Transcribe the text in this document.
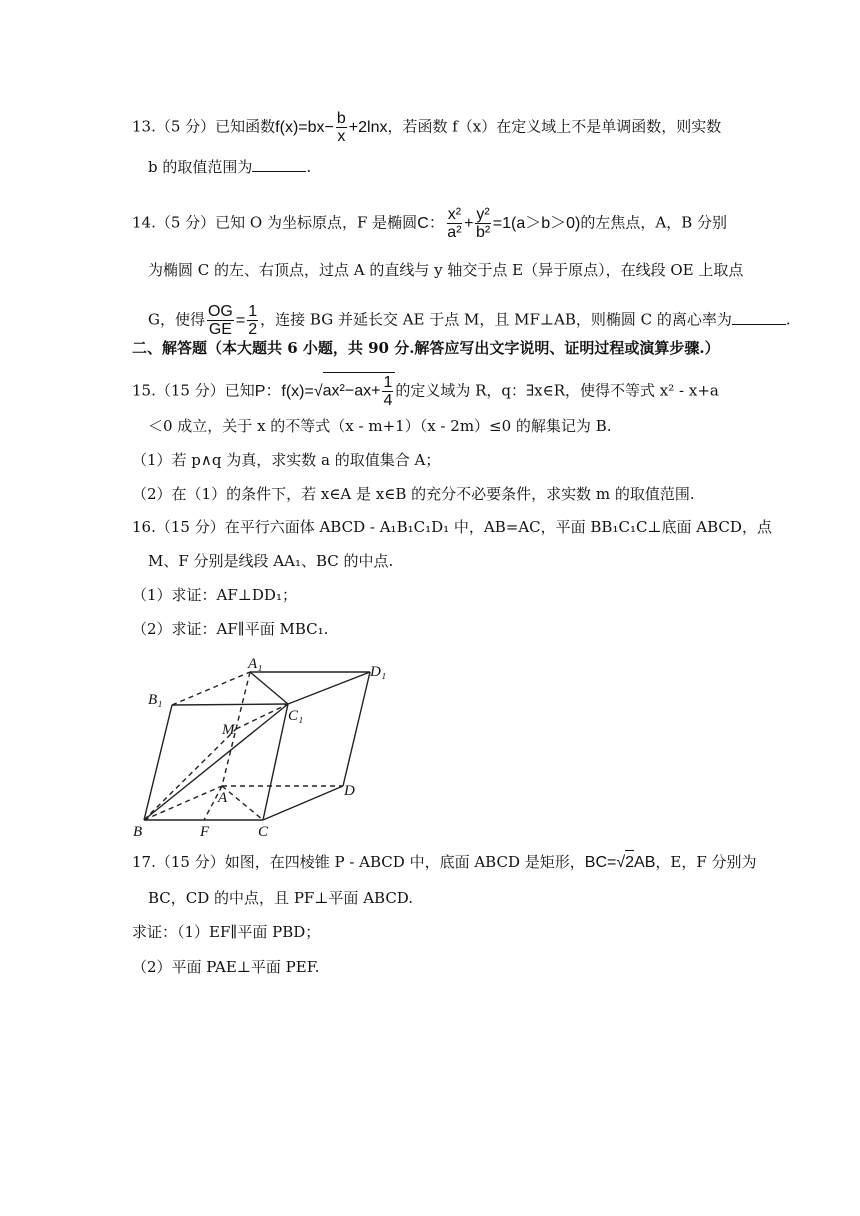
13.（5 分）已知函数$f(x)=bx- \frac{b}{x} +2\ln x$，若函数 f（x）在定义域上不是单调函数，则实数
b 的取值范围为	.
14.（5 分）已知 O 为坐标原点，F 是椭圆C： $\frac{\text{x²}}{\text{a²}} + \frac{\text{y²}}{\text{b²}} =1(a>b>0)$的左焦点，A，B 分别
为椭圆 C 的左、右顶点，过点 A 的直线与 y 轴交于点 E（异于原点），在线段 OE 上取点
G，使得 $\frac{OG}{GE} = \frac{1}{2}$ ，连接 BG 并延长交 AE 于点 M，且 MF⊥AB，则椭圆 C 的离心率为	.
二、解答题（本大题共 6 小题，共 90 分.解答应写出文字说明、证明过程或演算步骤.）
15.（15 分）已知P：$f(x)=√ax^2-ax+ \frac{1}{4}$ 的定义域为 R，q：∃x∈R，使得不等式 x² - x+a
＜0 成立，关于 x 的不等式（x - m+1）（x - 2m）≤0 的解集记为 B.
（1）若 p∧q 为真，求实数 a 的取值集合 A；
（2）在（1）的条件下，若 x∈A 是 x∈B 的充分不必要条件，求实数 m 的取值范围.
16.（15 分）在平行六面体 ABCD - A₁B₁C₁D₁ 中，AB=AC，平面 BB₁C₁C⊥底面 ABCD，点
M、F 分别是线段 AA₁、BC 的中点.
（1）求证：AF⊥DD₁；
（2）求证：AF∥平面 MBC₁.
A₁	D₁
B₁
C₁
M
A	D
B	F	C
17.（15 分）如图，在四棱锥 P - ABCD 中，底面 ABCD 是矩形，BC=√2AB，E，F 分别为
BC，CD 的中点，且 PF⊥平面 ABCD.
求证：（1）EF∥平面 PBD；
（2）平面 PAE⊥平面 PEF.
